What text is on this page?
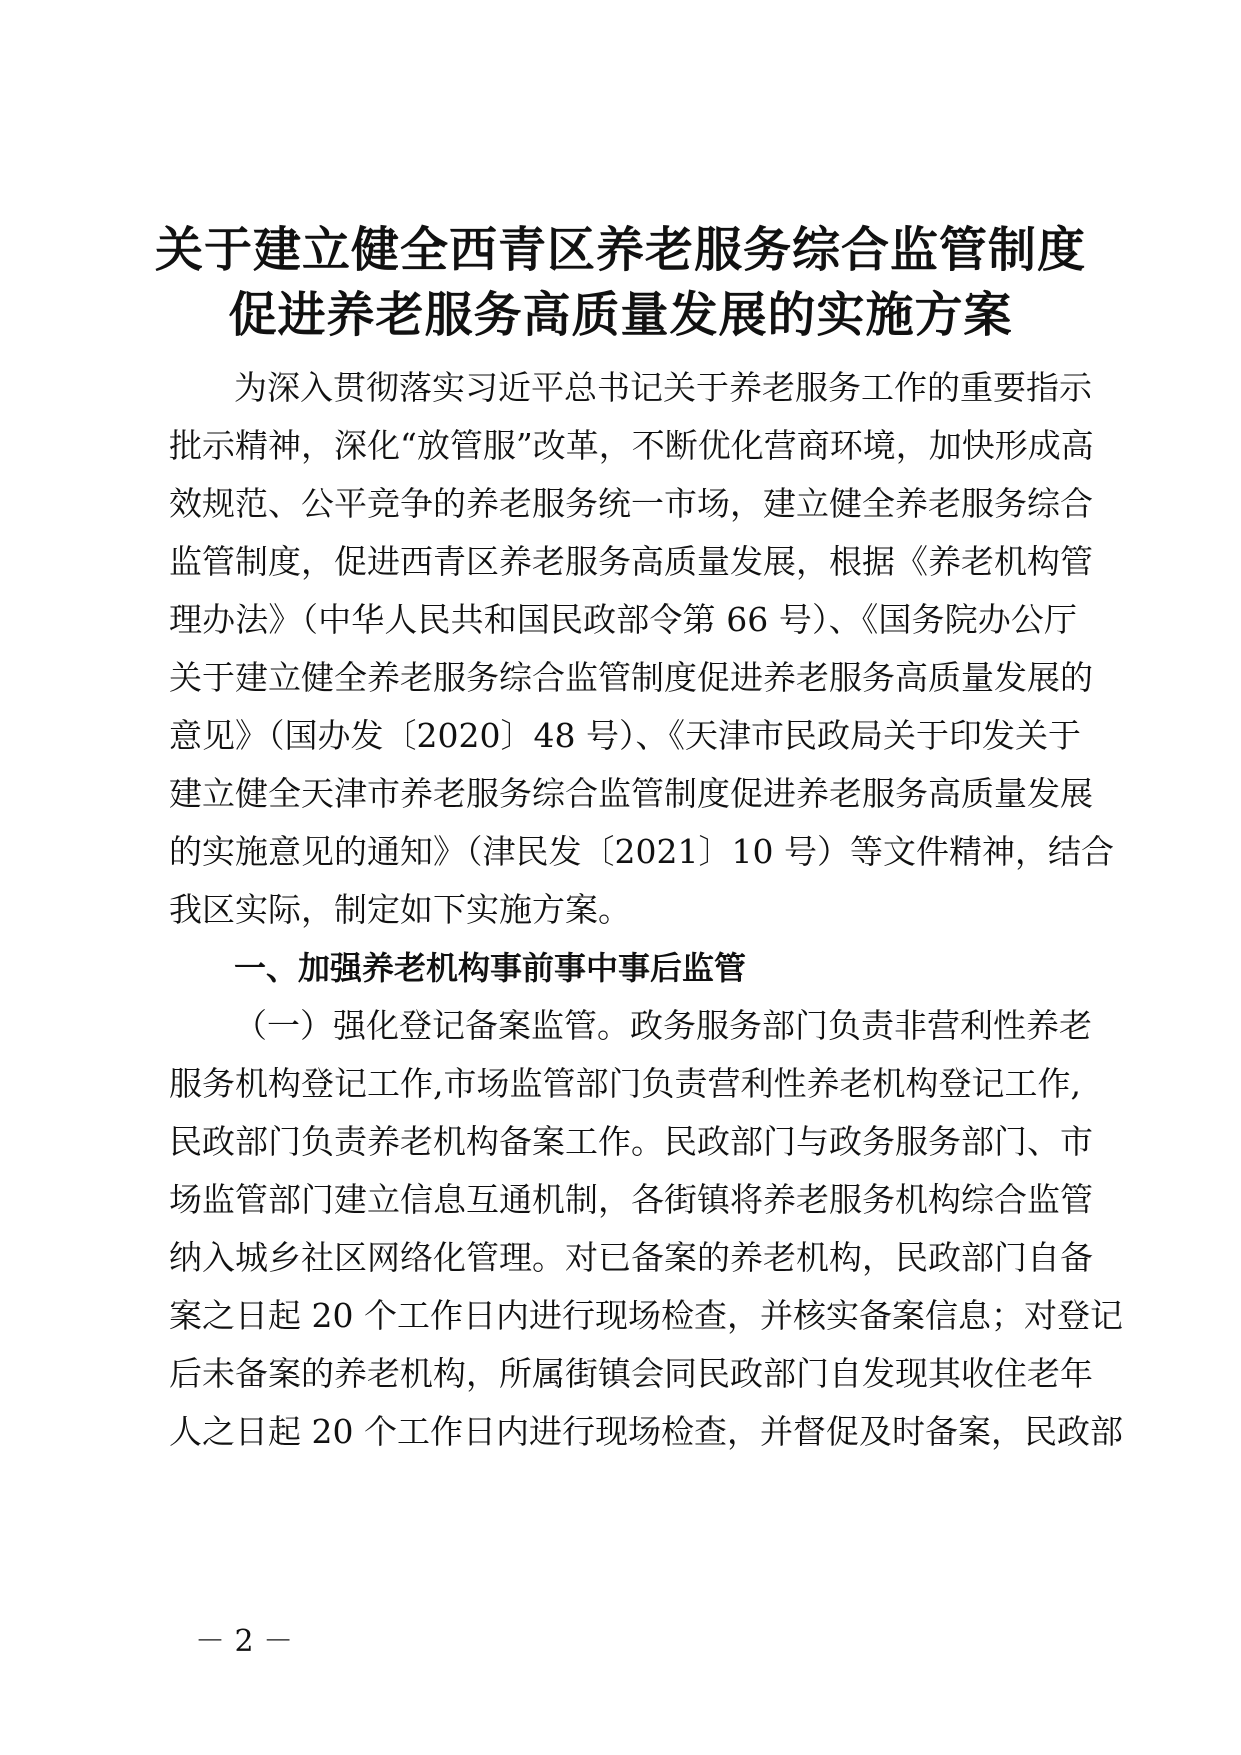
关于建立健全西青区养老服务综合监管制度
促进养老服务高质量发展的实施方案
为深入贯彻落实习近平总书记关于养老服务工作的重要指示
批示精神，深化“放管服”改革，不断优化营商环境，加快形成高
效规范、公平竞争的养老服务统一市场，建立健全养老服务综合
监管制度，促进西青区养老服务高质量发展，根据《养老机构管
理办法》（中华人民共和国民政部令第 66 号）、《国务院办公厅
关于建立健全养老服务综合监管制度促进养老服务高质量发展的
意见》（国办发〔2020〕48 号）、《天津市民政局关于印发关于
建立健全天津市养老服务综合监管制度促进养老服务高质量发展
的实施意见的通知》（津民发〔2021〕10 号）等文件精神，结合
我区实际，制定如下实施方案。
一、加强养老机构事前事中事后监管
（一）强化登记备案监管。政务服务部门负责非营利性养老
服务机构登记工作,市场监管部门负责营利性养老机构登记工作,
民政部门负责养老机构备案工作。民政部门与政务服务部门、市
场监管部门建立信息互通机制，各街镇将养老服务机构综合监管
纳入城乡社区网络化管理。对已备案的养老机构，民政部门自备
案之日起 20 个工作日内进行现场检查，并核实备案信息；对登记
后未备案的养老机构，所属街镇会同民政部门自发现其收住老年
人之日起 20 个工作日内进行现场检查，并督促及时备案，民政部
－ 2 －
